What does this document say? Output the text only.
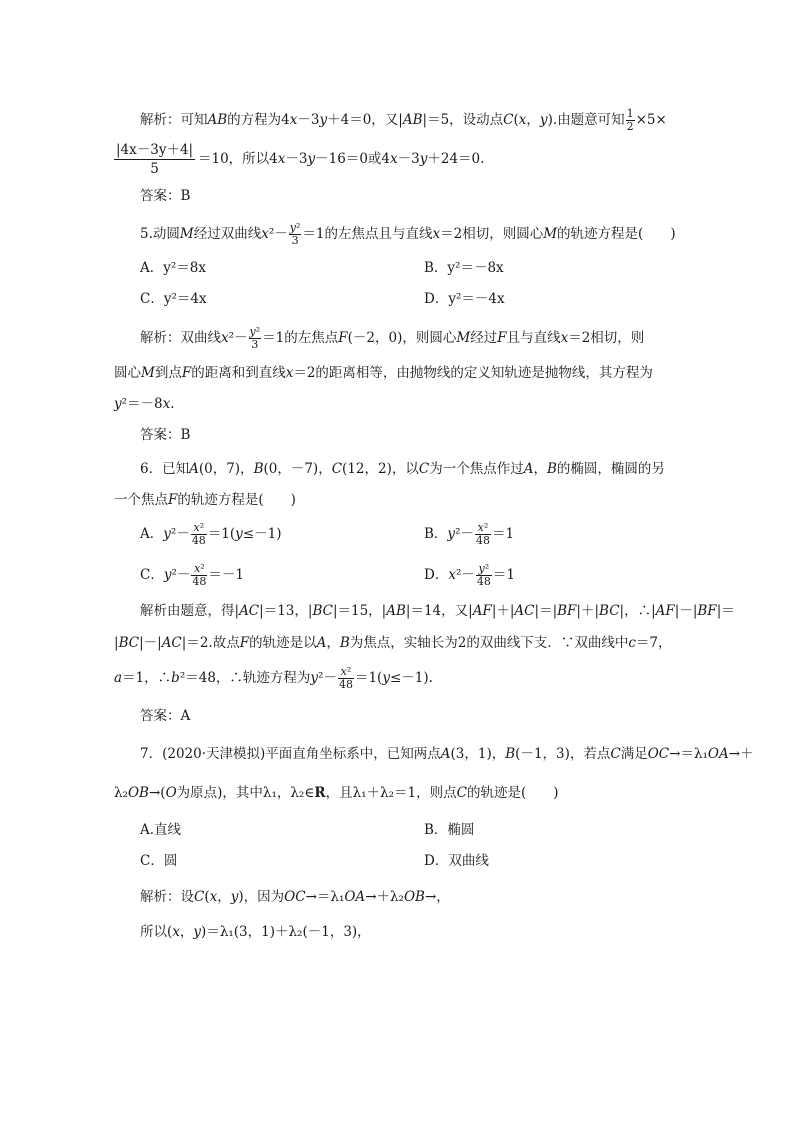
解析：可知AB的方程为4x－3y＋4＝0，又|AB|＝5，设动点C(x，y).由题意可知 $\frac{1}{2} \times 5\times$
$\frac{|4x-3y+4|}{5} =10$，所以4x－3y－16＝0或4x－3y＋24＝0.
答案：B
5.动圆M经过双曲线$x^2- \frac{\text{y²}}{3} =1$的左焦点且与直线x＝2相切，则圆心M的轨迹方程是(　　)
A．y²＝8x	B．y²＝－8x
C．y²＝4x	D．y²＝－4x
解析：双曲线$x^2- \frac{\text{y²}}{3} =1$的左焦点F(－2，0)，则圆心M经过F且与直线x＝2相切，则
圆心M到点F的距离和到直线x＝2的距离相等，由抛物线的定义知轨迹是抛物线，其方程为
y²＝－8x.
答案：B
6．已知A(0，7)，B(0，－7)，C(12，2)，以C为一个焦点作过A，B的椭圆，椭圆的另
一个焦点F的轨迹方程是(　　)
A．$y^2- \frac{\text{x²}}{48} =1(y\le-1)$	B．$y^2- \frac{\text{x²}}{48} =1$
C．$y^2- \frac{\text{x²}}{48} =-1$	D．$x^2- \frac{\text{y²}}{48} =1$
解析由题意，得|AC|＝13，|BC|＝15，|AB|＝14，又|AF|＋|AC|＝|BF|＋|BC|，∴|AF|－|BF|＝
|BC|－|AC|＝2.故点F的轨迹是以A，B为焦点，实轴长为2的双曲线下支．∵双曲线中c＝7，
a＝1，∴b²＝48，∴轨迹方程为$y^2- \frac{\text{x²}}{48} =1(y\le-1)$.
答案：A
7．(2020·天津模拟)平面直角坐标系中，已知两点A(3，1)，B(－1，3)，若点C满足OC→＝λ₁OA→＋
λ₂OB→(O为原点)，其中λ₁，λ₂∈R，且λ₁＋λ₂＝1，则点C的轨迹是(　　)
A.直线	B．椭圆
C．圆	D．双曲线
解析：设C(x，y)，因为OC→＝λ₁OA→＋λ₂OB→，
所以(x，y)＝λ₁(3，1)＋λ₂(－1，3)，
